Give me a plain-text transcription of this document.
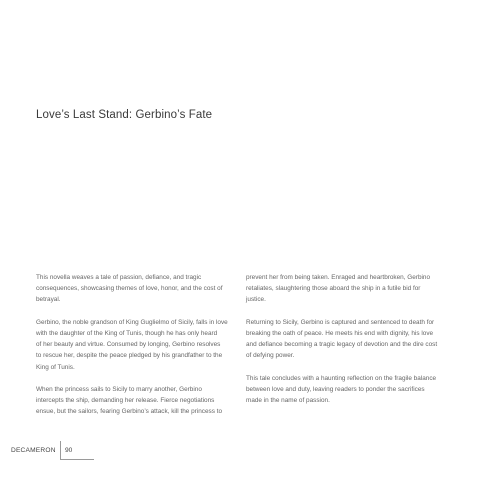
Love’s Last Stand: Gerbino’s Fate

This novella weaves a tale of passion, defiance, and tragic
consequences, showcasing themes of love, honor, and the cost of
betrayal.

Gerbino, the noble grandson of King Guglielmo of Sicily, falls in love
with the daughter of the King of Tunis, though he has only heard
of her beauty and virtue. Consumed by longing, Gerbino resolves
to rescue her, despite the peace pledged by his grandfather to the
King of Tunis.

When the princess sails to Sicily to marry another, Gerbino
intercepts the ship, demanding her release. Fierce negotiations
ensue, but the sailors, fearing Gerbino’s attack, kill the princess to

prevent her from being taken. Enraged and heartbroken, Gerbino
retaliates, slaughtering those aboard the ship in a futile bid for
justice.

Returning to Sicily, Gerbino is captured and sentenced to death for
breaking the oath of peace. He meets his end with dignity, his love
and defiance becoming a tragic legacy of devotion and the dire cost
of defying power.

This tale concludes with a haunting reflection on the fragile balance
between love and duty, leaving readers to ponder the sacrifices
made in the name of passion.

DECAMERON 90
